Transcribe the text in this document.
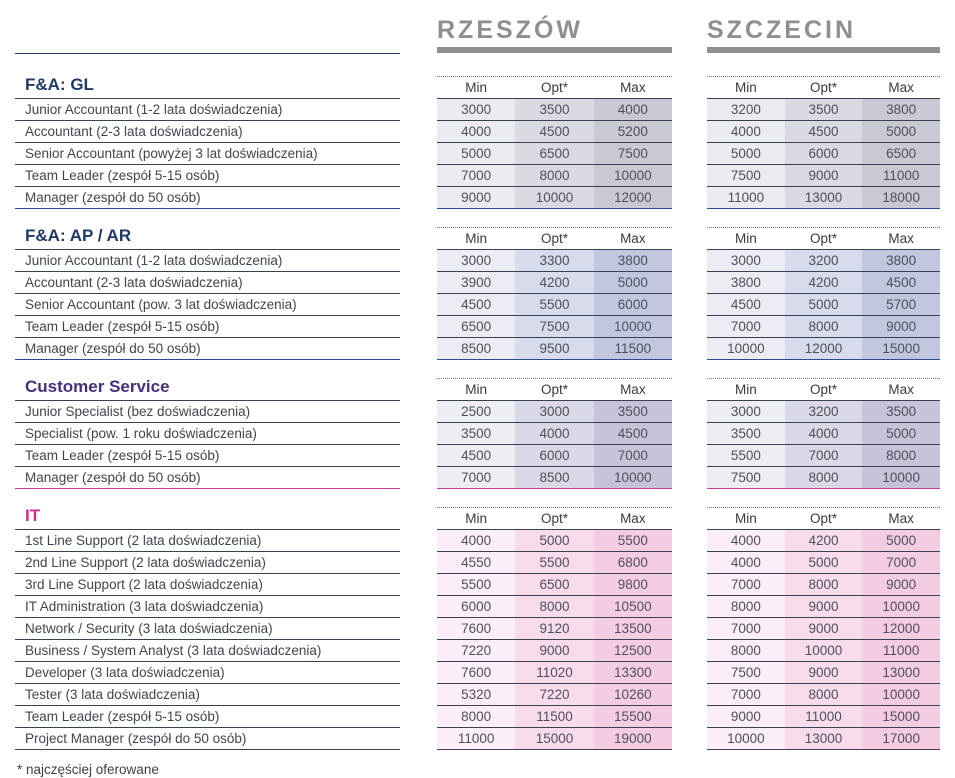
RZESZÓW	SZCZECIN
F&A: GL	Min	Opt*	Max	Min	Opt*	Max
Junior Accountant (1-2 lata doświadczenia)	3000	3500	4000	3200	3500	3800
Accountant (2-3 lata doświadczenia)	4000	4500	5200	4000	4500	5000
Senior Accountant (powyżej 3 lat doświadczenia)	5000	6500	7500	5000	6000	6500
Team Leader (zespół 5-15 osób)	7000	8000	10000	7500	9000	11000
Manager (zespół do 50 osób)	9000	10000	12000	11000	13000	18000
F&A: AP / AR	Min	Opt*	Max	Min	Opt*	Max
Junior Accountant (1-2 lata doświadczenia)	3000	3300	3800	3000	3200	3800
Accountant (2-3 lata doświadczenia)	3900	4200	5000	3800	4200	4500
Senior Accountant (pow. 3 lat doświadczenia)	4500	5500	6000	4500	5000	5700
Team Leader (zespół 5-15 osób)	6500	7500	10000	7000	8000	9000
Manager (zespół do 50 osób)	8500	9500	11500	10000	12000	15000
Customer Service	Min	Opt*	Max	Min	Opt*	Max
Junior Specialist (bez doświadczenia)	2500	3000	3500	3000	3200	3500
Specialist (pow. 1 roku doświadczenia)	3500	4000	4500	3500	4000	5000
Team Leader (zespół 5-15 osób)	4500	6000	7000	5500	7000	8000
Manager (zespół do 50 osób)	7000	8500	10000	7500	8000	10000
IT	Min	Opt*	Max	Min	Opt*	Max
1st Line Support (2 lata doświadczenia)	4000	5000	5500	4000	4200	5000
2nd Line Support (2 lata doświadczenia)	4550	5500	6800	4000	5000	7000
3rd Line Support (2 lata doświadczenia)	5500	6500	9800	7000	8000	9000
IT Administration (3 lata doświadczenia)	6000	8000	10500	8000	9000	10000
Network / Security (3 lata doświadczenia)	7600	9120	13500	7000	9000	12000
Business / System Analyst (3 lata doświadczenia)	7220	9000	12500	8000	10000	11000
Developer (3 lata doświadczenia)	7600	11020	13300	7500	9000	13000
Tester (3 lata doświadczenia)	5320	7220	10260	7000	8000	10000
Team Leader (zespół 5-15 osób)	8000	11500	15500	9000	11000	15000
Project Manager (zespół do 50 osób)	11000	15000	19000	10000	13000	17000
* najczęściej oferowane
